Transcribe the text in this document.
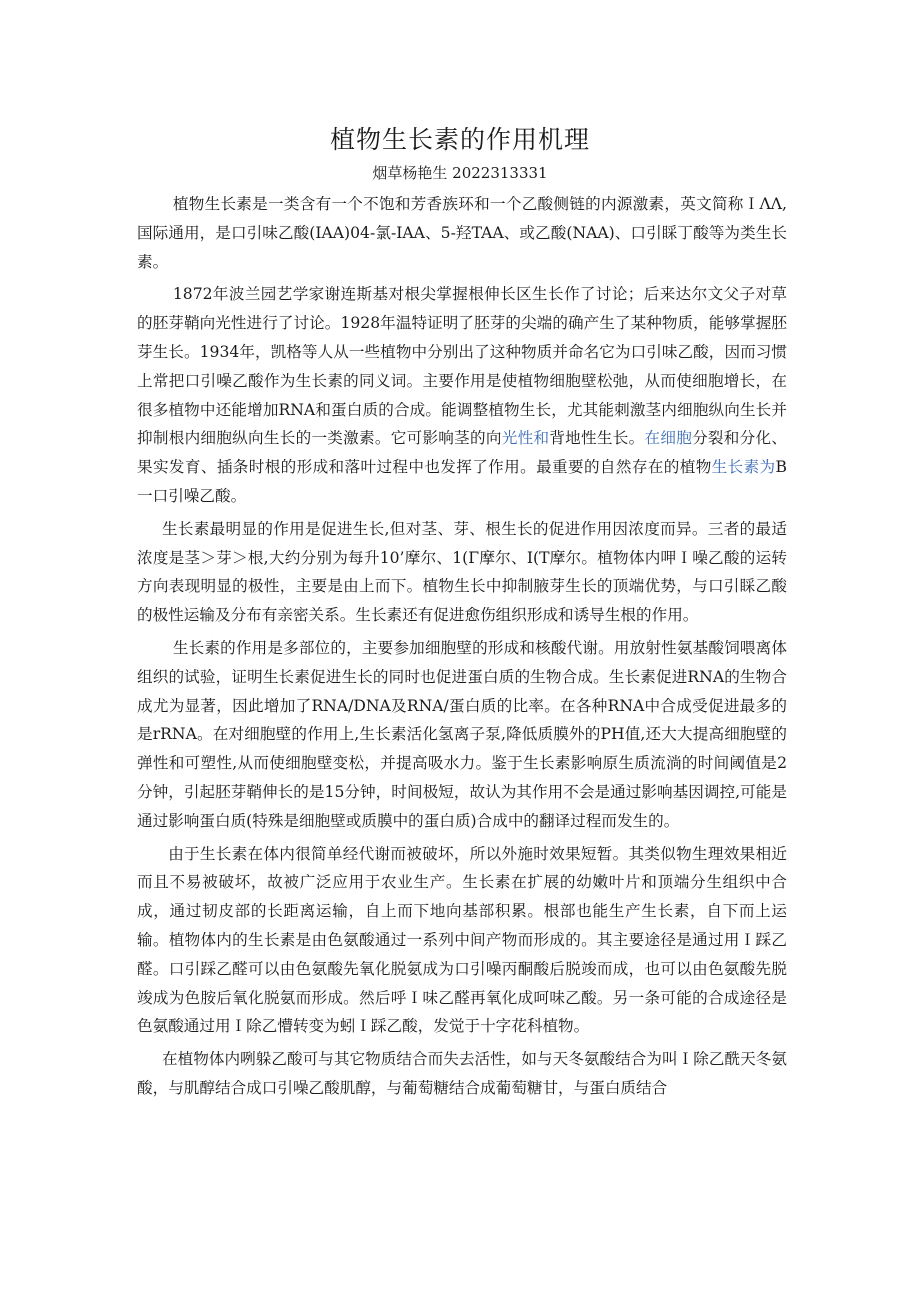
植物生长素的作用机理
烟草杨艳生 2022313331

植物生长素是一类含有一个不饱和芳香族环和一个乙酸侧链的内源激素，英文简称ＩΛΛ,国际通用，是口引味乙酸(IAA)04-氯-IAA、5-羟TAA、或乙酸(NAA)、口引睬丁酸等为类生长素。

1872年波兰园艺学家谢连斯基对根尖掌握根伸长区生长作了讨论；后来达尔文父子对草的胚芽鞘向光性进行了讨论。1928年温特证明了胚芽的尖端的确产生了某种物质，能够掌握胚芽生长。1934年，凯格等人从一些植物中分别出了这种物质并命名它为口引味乙酸，因而习惯上常把口引噪乙酸作为生长素的同义词。主要作用是使植物细胞壁松弛，从而使细胞增长，在很多植物中还能增加RNA和蛋白质的合成。能调整植物生长，尤其能刺激茎内细胞纵向生长并抑制根内细胞纵向生长的一类激素。它可影响茎的向光性和背地性生长。在细胞分裂和分化、果实发育、插条时根的形成和落叶过程中也发挥了作用。最重要的自然存在的植物生长素为Β一口引噪乙酸。

生长素最明显的作用是促进生长,但对茎、芽、根生长的促进作用因浓度而异。三者的最适浓度是茎＞芽＞根,大约分别为每升10’摩尔、1(Γ摩尔、I(T摩尔。植物体内呷Ｉ噪乙酸的运转方向表现明显的极性，主要是由上而下。植物生长中抑制腋芽生长的顶端优势，与口引睬乙酸的极性运输及分布有亲密关系。生长素还有促进愈伤组织形成和诱导生根的作用。

生长素的作用是多部位的，主要参加细胞壁的形成和核酸代谢。用放射性氨基酸饲喂离体组织的试验，证明生长素促进生长的同时也促进蛋白质的生物合成。生长素促进RNA的生物合成尤为显著，因此增加了RNA/DNA及RNA/蛋白质的比率。在各种RNA中合成受促进最多的是rRNA。在对细胞壁的作用上,生长素活化氢离子泵,降低质膜外的PH值,还大大提高细胞壁的弹性和可塑性,从而使细胞壁变松，并提高吸水力。鉴于生长素影响原生质流淌的时间阈值是2分钟，引起胚芽鞘伸长的是15分钟，时间极短，故认为其作用不会是通过影响基因调控,可能是通过影响蛋白质(特殊是细胞壁或质膜中的蛋白质)合成中的翻译过程而发生的。

由于生长素在体内很简单经代谢而被破坏，所以外施时效果短暂。其类似物生理效果相近而且不易被破坏，故被广泛应用于农业生产。生长素在扩展的幼嫩叶片和顶端分生组织中合成，通过韧皮部的长距离运输，自上而下地向基部积累。根部也能生产生长素，自下而上运输。植物体内的生长素是由色氨酸通过一系列中间产物而形成的。其主要途径是通过用Ｉ踩乙醛。口引踩乙醛可以由色氨酸先氧化脱氨成为口引噪丙酮酸后脱竣而成，也可以由色氨酸先脱竣成为色胺后氧化脱氨而形成。然后呼Ｉ味乙醛再氧化成呵味乙酸。另一条可能的合成途径是色氨酸通过用Ｉ除乙懵转变为蚓Ｉ踩乙酸，发觉于十字花科植物。

在植物体内咧躲乙酸可与其它物质结合而失去活性，如与天冬氨酸结合为叫Ｉ除乙酰天冬氨酸，与肌醇结合成口引噪乙酸肌醇，与葡萄糖结合成葡萄糖甘，与蛋白质结合
